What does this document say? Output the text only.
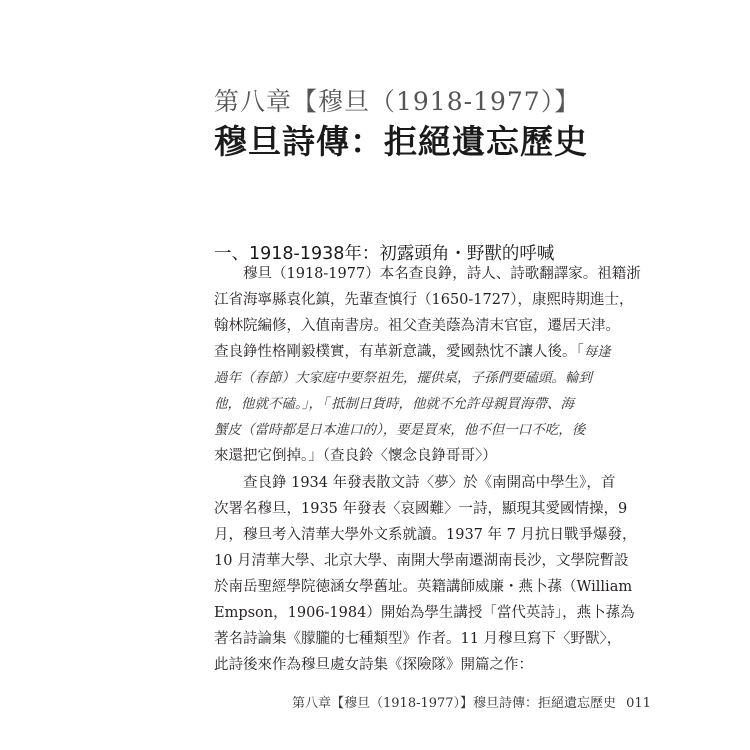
第八章【穆旦（1918-1977）】
穆旦詩傳：拒絕遺忘歷史
一、1918-1938年：初露頭角・野獸的呼喊
穆旦（1918-1977）本名查良錚，詩人、詩歌翻譯家。祖籍浙
江省海寧縣袁化鎮，先輩查慎行（1650-1727），康熙時期進士，
翰林院編修，入值南書房。祖父查美蔭為清末官宦，遷居天津。
查良錚性格剛毅樸實，有革新意識，愛國熱忱不讓人後。「 每逢
過年（春節）大家庭中要祭祖先，擺供桌，子孫們要磕頭。輪到
他，他就不磕。」，「 抵制日貨時，他就不允許母親買海帶、海
蟹皮（當時都是日本進口的），要是買來，他不但一口不吃，後
來還把它倒掉。」（查良鈴〈懷念良錚哥哥〉）
查良錚 1934 年發表散文詩〈夢〉於《南開高中學生》，首
次署名穆旦，1935 年發表〈哀國難〉一詩，顯現其愛國情操，9
月，穆旦考入清華大學外文系就讀。1937 年 7 月抗日戰爭爆發，
10 月清華大學、北京大學、南開大學南遷湖南長沙，文學院暫設
於南岳聖經學院徳涵女學舊址。英籍講師威廉・燕卜蓀（William
Empson，1906-1984）開始為學生講授「當代英詩」，燕卜蓀為
著名詩論集《朦朧的七種類型》作者。11 月穆旦寫下〈野獸〉，
此詩後來作為穆旦處女詩集《探險隊》開篇之作：
第八章【穆旦（1918-1977）】穆旦詩傳：拒絕遺忘歷史 011
